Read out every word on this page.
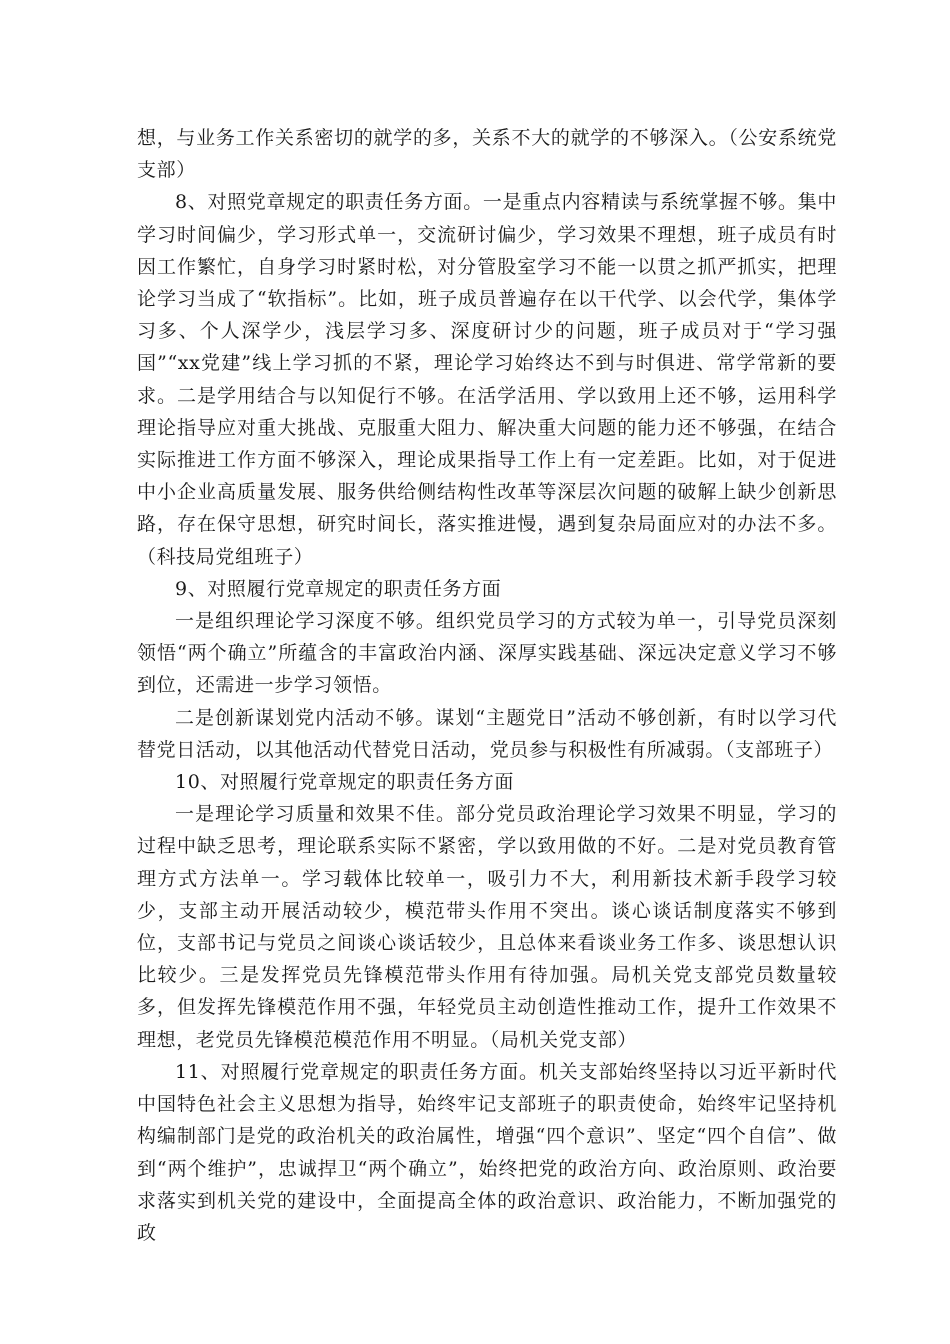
想，与业务工作关系密切的就学的多，关系不大的就学的不够深入。（公安系统党支部）

8、对照党章规定的职责任务方面。一是重点内容精读与系统掌握不够。集中学习时间偏少，学习形式单一，交流研讨偏少，学习效果不理想，班子成员有时因工作繁忙，自身学习时紧时松，对分管股室学习不能一以贯之抓严抓实，把理论学习当成了“软指标”。比如，班子成员普遍存在以干代学、以会代学，集体学习多、个人深学少，浅层学习多、深度研讨少的问题，班子成员对于“学习强国”“xx党建”线上学习抓的不紧，理论学习始终达不到与时俱进、常学常新的要求。二是学用结合与以知促行不够。在活学活用、学以致用上还不够，运用科学理论指导应对重大挑战、克服重大阻力、解决重大问题的能力还不够强，在结合实际推进工作方面不够深入，理论成果指导工作上有一定差距。比如，对于促进中小企业高质量发展、服务供给侧结构性改革等深层次问题的破解上缺少创新思路，存在保守思想，研究时间长，落实推进慢，遇到复杂局面应对的办法不多。（科技局党组班子）

9、对照履行党章规定的职责任务方面

一是组织理论学习深度不够。组织党员学习的方式较为单一，引导党员深刻领悟“两个确立”所蕴含的丰富政治内涵、深厚实践基础、深远决定意义学习不够到位，还需进一步学习领悟。

二是创新谋划党内活动不够。谋划“主题党日”活动不够创新，有时以学习代替党日活动，以其他活动代替党日活动，党员参与积极性有所减弱。（支部班子）

10、对照履行党章规定的职责任务方面

一是理论学习质量和效果不佳。部分党员政治理论学习效果不明显，学习的过程中缺乏思考，理论联系实际不紧密，学以致用做的不好。二是对党员教育管理方式方法单一。学习载体比较单一，吸引力不大，利用新技术新手段学习较少，支部主动开展活动较少，模范带头作用不突出。谈心谈话制度落实不够到位，支部书记与党员之间谈心谈话较少，且总体来看谈业务工作多、谈思想认识比较少。三是发挥党员先锋模范带头作用有待加强。局机关党支部党员数量较多，但发挥先锋模范作用不强，年轻党员主动创造性推动工作，提升工作效果不理想，老党员先锋模范模范作用不明显。（局机关党支部）

11、对照履行党章规定的职责任务方面。机关支部始终坚持以习近平新时代中国特色社会主义思想为指导，始终牢记支部班子的职责使命，始终牢记坚持机构编制部门是党的政治机关的政治属性，增强“四个意识”、坚定“四个自信”、做到“两个维护”，忠诚捍卫“两个确立”，始终把党的政治方向、政治原则、政治要求落实到机关党的建设中，全面提高全体的政治意识、政治能力，不断加强党的政
